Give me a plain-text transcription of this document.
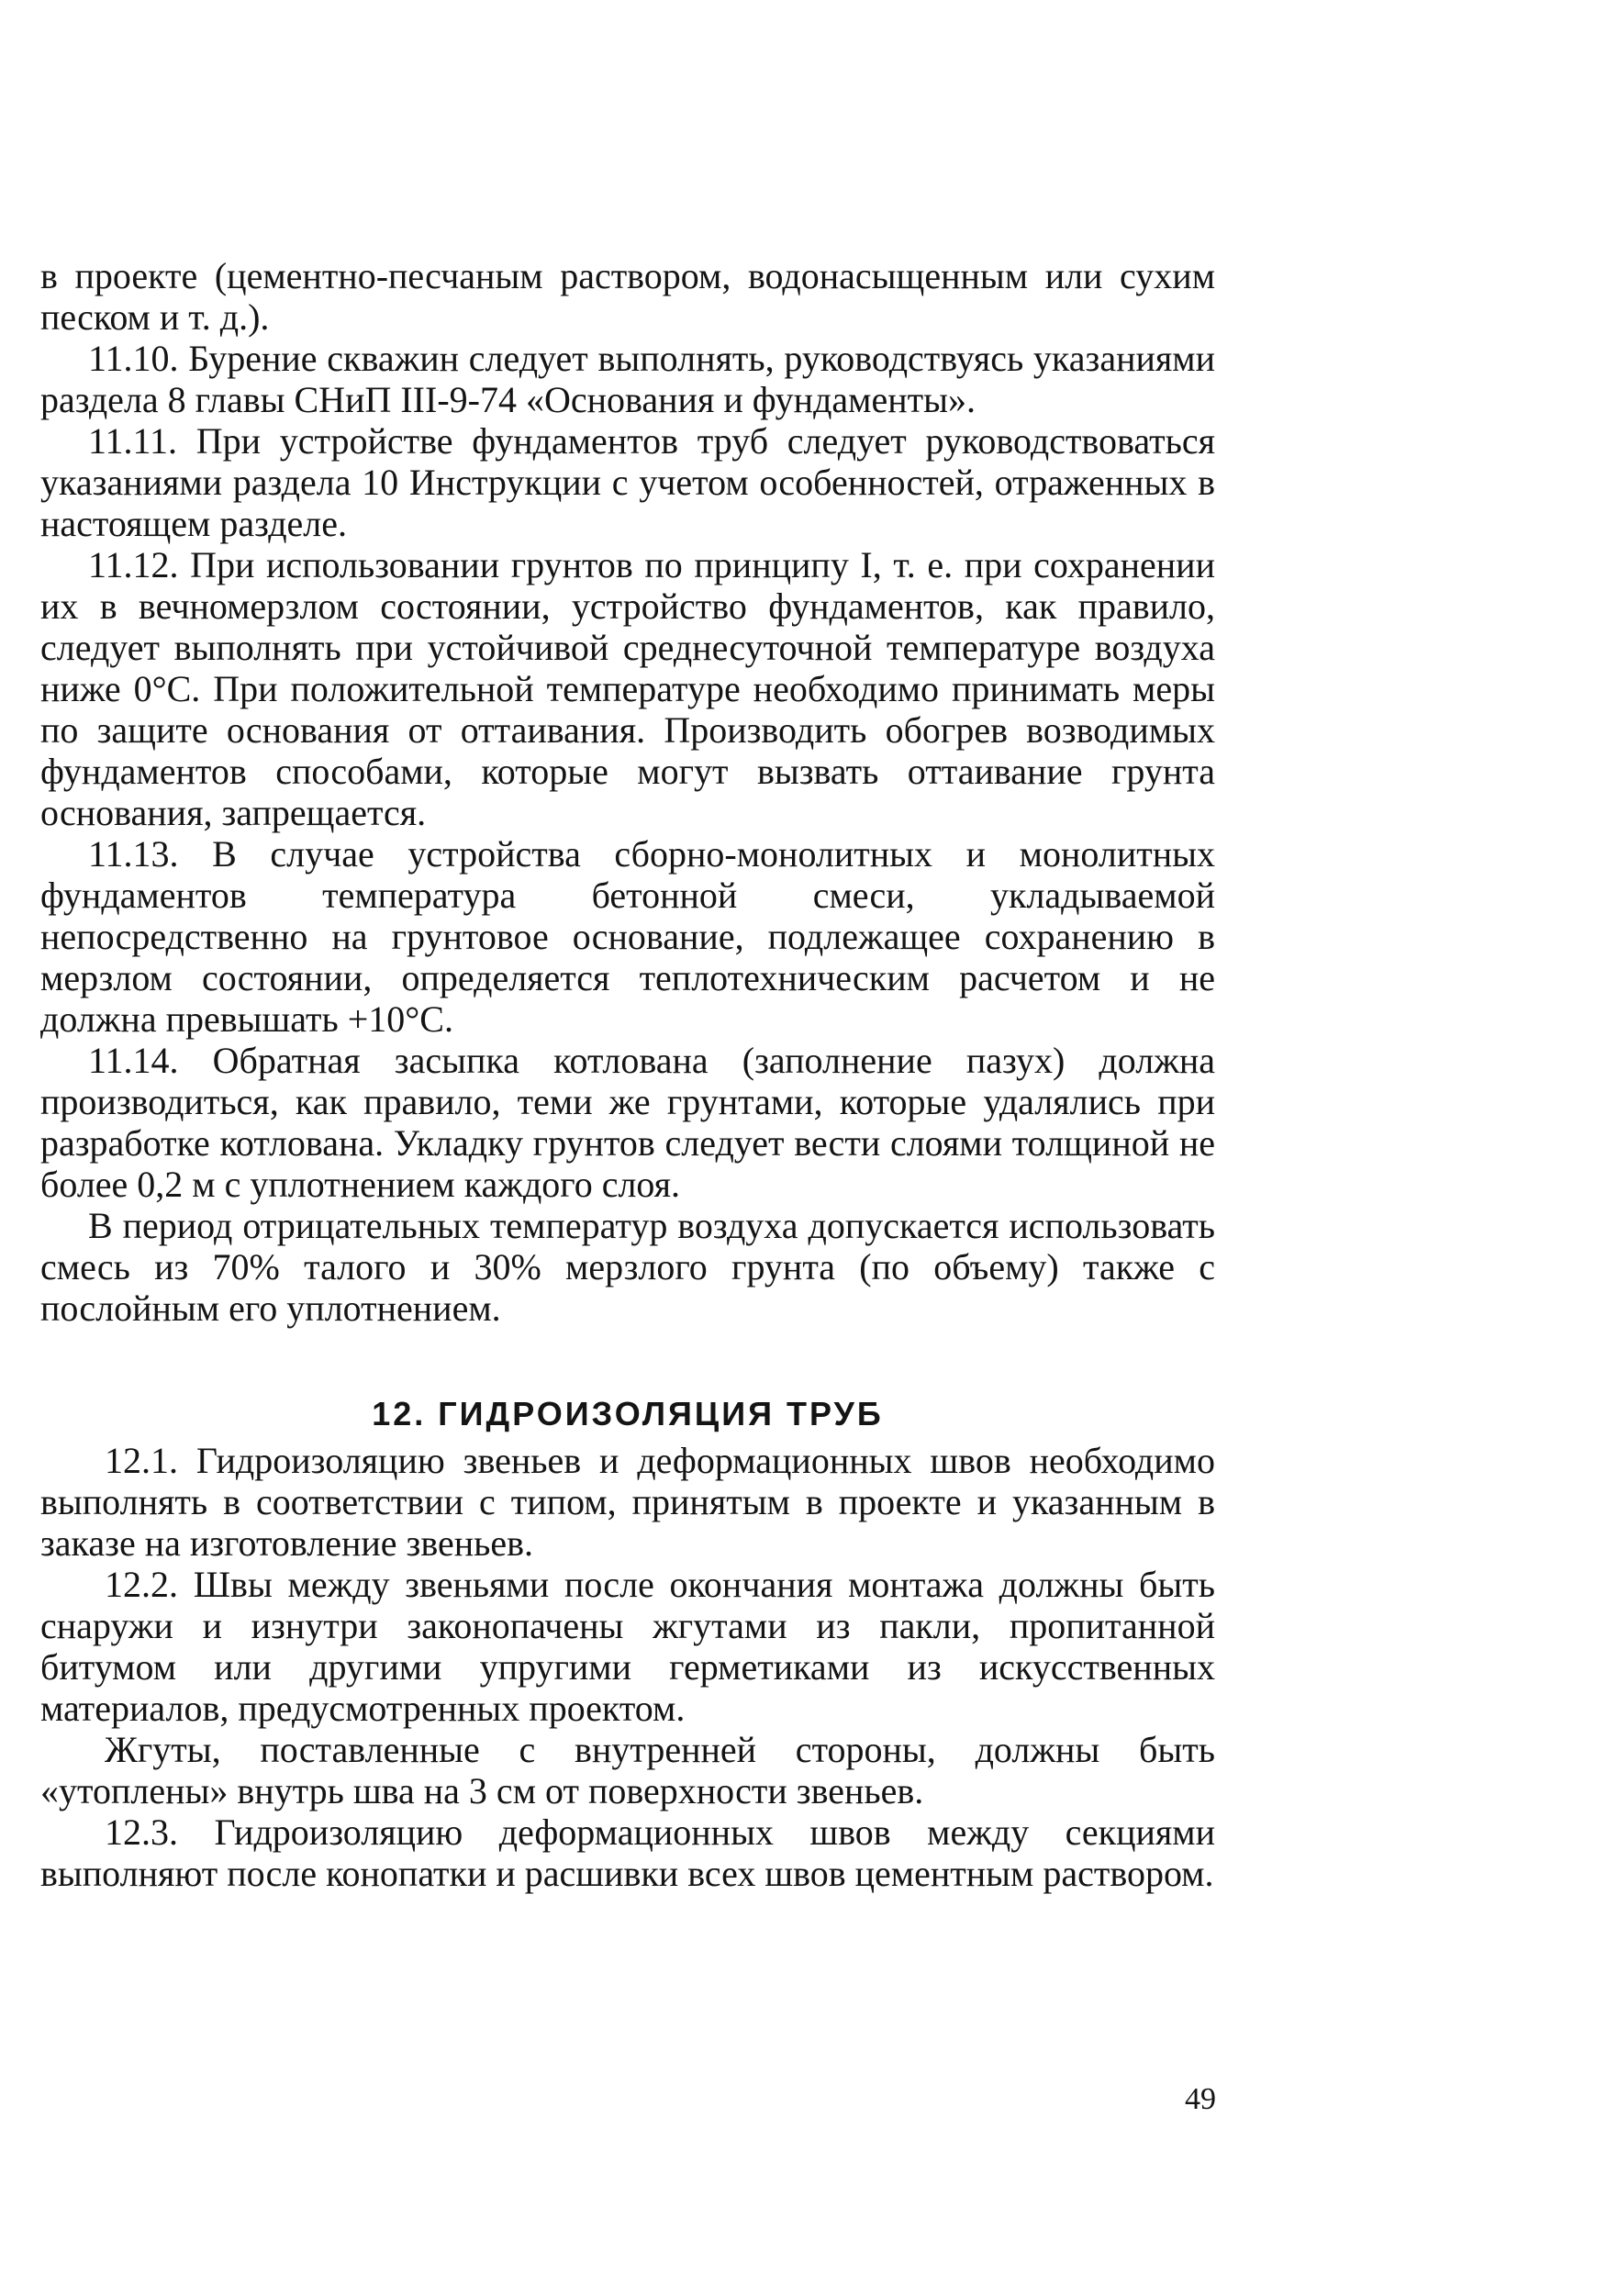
в проекте (цементно-песчаным раствором, водонасыщенным или сухим песком и т. д.).

11.10. Бурение скважин следует выполнять, руководствуясь указаниями раздела 8 главы СНиП III-9-74 «Основания и фундаменты».

11.11. При устройстве фундаментов труб следует руководствоваться указаниями раздела 10 Инструкции с учетом особенностей, отраженных в настоящем разделе.

11.12. При использовании грунтов по принципу I, т. е. при сохранении их в вечномерзлом состоянии, устройство фундаментов, как правило, следует выполнять при устойчивой среднесуточной температуре воздуха ниже 0°С. При положительной температуре необходимо принимать меры по защите основания от оттаивания. Производить обогрев возводимых фундаментов способами, которые могут вызвать оттаивание грунта основания, запрещается.

11.13. В случае устройства сборно-монолитных и монолитных фундаментов температура бетонной смеси, укладываемой непосредственно на грунтовое основание, подлежащее сохранению в мерзлом состоянии, определяется теплотехническим расчетом и не должна превышать +10°С.

11.14. Обратная засыпка котлована (заполнение пазух) должна производиться, как правило, теми же грунтами, которые удалялись при разработке котлована. Укладку грунтов следует вести слоями толщиной не более 0,2 м с уплотнением каждого слоя.

В период отрицательных температур воздуха допускается использовать смесь из 70% талого и 30% мерзлого грунта (по объему) также с послойным его уплотнением.

12. ГИДРОИЗОЛЯЦИЯ ТРУБ

12.1. Гидроизоляцию звеньев и деформационных швов необходимо выполнять в соответствии с типом, принятым в проекте и указанным в заказе на изготовление звеньев.

12.2. Швы между звеньями после окончания монтажа должны быть снаружи и изнутри законопачены жгутами из пакли, пропитанной битумом или другими упругими герметиками из искусственных материалов, предусмотренных проектом.

Жгуты, поставленные с внутренней стороны, должны быть «утоплены» внутрь шва на 3 см от поверхности звеньев.

12.3. Гидроизоляцию деформационных швов между секциями выполняют после конопатки и расшивки всех швов цементным раствором.

49
